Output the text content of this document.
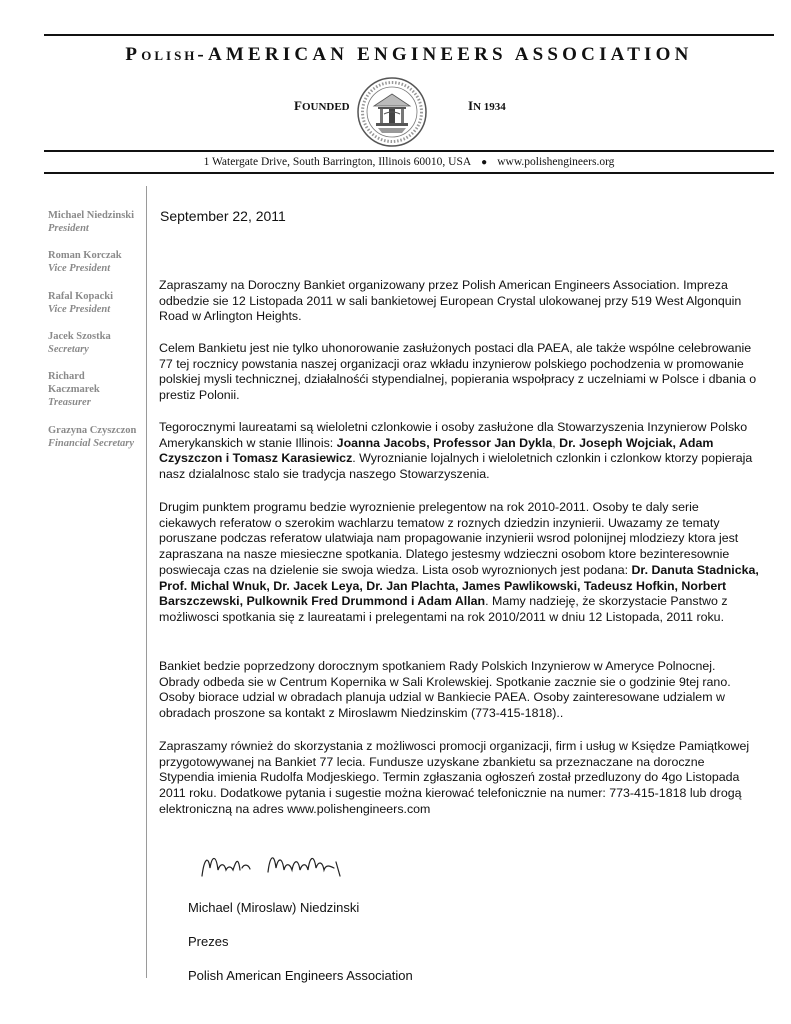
POLISH-AMERICAN ENGINEERS ASSOCIATION
FOUNDED	IN 1934
1 Watergate Drive, South Barrington, Illinois 60010, USA ● www.polishengineers.org
Michael Niedzinski
President
Roman Korczak
Vice President
Rafal Kopacki
Vice President
Jacek Szostka
Secretary
Richard
Kaczmarek
Treasurer
Grazyna Czyszczon
Financial Secretary
September 22, 2011
Zapraszamy na Doroczny Bankiet organizowany przez Polish American Engineers Association. Impreza odbedzie sie 12 Listopada 2011 w sali bankietowej European Crystal ulokowanej przy 519 West Algonquin Road w Arlington Heights.
Celem Bankietu jest nie tylko uhonorowanie zasłużonych postaci dla PAEA, ale także wspólne celebrowanie 77 tej rocznicy powstania naszej organizacji oraz wkładu inzynierow polskiego pochodzenia w promowanie polskiej mysli technicznej, działalnośći stypendialnej, popierania wspołpracy z uczelniami w Polsce i dbania o prestiz Polonii.
Tegorocznymi laureatami są wieloletni czlonkowie i osoby zasłużone dla Stowarzyszenia Inzynierow Polsko Amerykanskich w stanie Illinois: Joanna Jacobs, Professor Jan Dykla, Dr. Joseph Wojciak, Adam Czyszczon i Tomasz Karasiewicz. Wyroznianie lojalnych i wieloletnich czlonkin i czlonkow ktorzy popieraja nasz dzialalnosc stalo sie tradycja naszego Stowarzyszenia.
Drugim punktem programu bedzie wyroznienie prelegentow na rok 2010-2011. Osoby te daly serie ciekawych referatow o szerokim wachlarzu tematow z roznych dziedzin inzynierii. Uwazamy ze tematy poruszane podczas referatow ulatwiaja nam propagowanie inzynierii wsrod polonijnej mlodziezy ktora jest zapraszana na nasze miesieczne spotkania. Dlatego jestesmy wdzieczni osobom ktore bezinteresownie poswiecaja czas na dzielenie sie swoja wiedza. Lista osob wyroznionych jest podana: Dr. Danuta Stadnicka, Prof. Michal Wnuk, Dr. Jacek Leya, Dr. Jan Plachta, James Pawlikowski, Tadeusz Hofkin, Norbert Barszczewski, Pulkownik Fred Drummond i Adam Allan. Mamy nadzieję, że skorzystacie Panstwo z możliwosci spotkania się z laureatami i prelegentami na rok 2010/2011 w dniu 12 Listopada, 2011 roku.
Bankiet bedzie poprzedzony dorocznym spotkaniem Rady Polskich Inzynierow w Ameryce Polnocnej. Obrady odbeda sie w Centrum Kopernika w Sali Krolewskiej. Spotkanie zacznie sie o godzinie 9tej rano. Osoby biorace udzial w obradach planuja udzial w Bankiecie PAEA. Osoby zainteresowane udzialem w obradach proszone sa kontakt z Miroslawm Niedzinskim (773-415-1818)..
Zapraszamy również do skorzystania z możliwosci promocji organizacji, firm i usług w Księdze Pamiątkowej przygotowywanej na Bankiet 77 lecia. Fundusze uzyskane zbankietu sa przeznaczane na doroczne Stypendia imienia Rudolfa Modjeskiego. Termin zgłaszania ogłoszeń został przedluzony do 4go Listopada 2011 roku. Dodatkowe pytania i sugestie można kierować telefonicznie na numer: 773-415-1818 lub drogą elektroniczną na adres www.polishengineers.com
Michael (Miroslaw) Niedzinski
Prezes
Polish American Engineers Association
